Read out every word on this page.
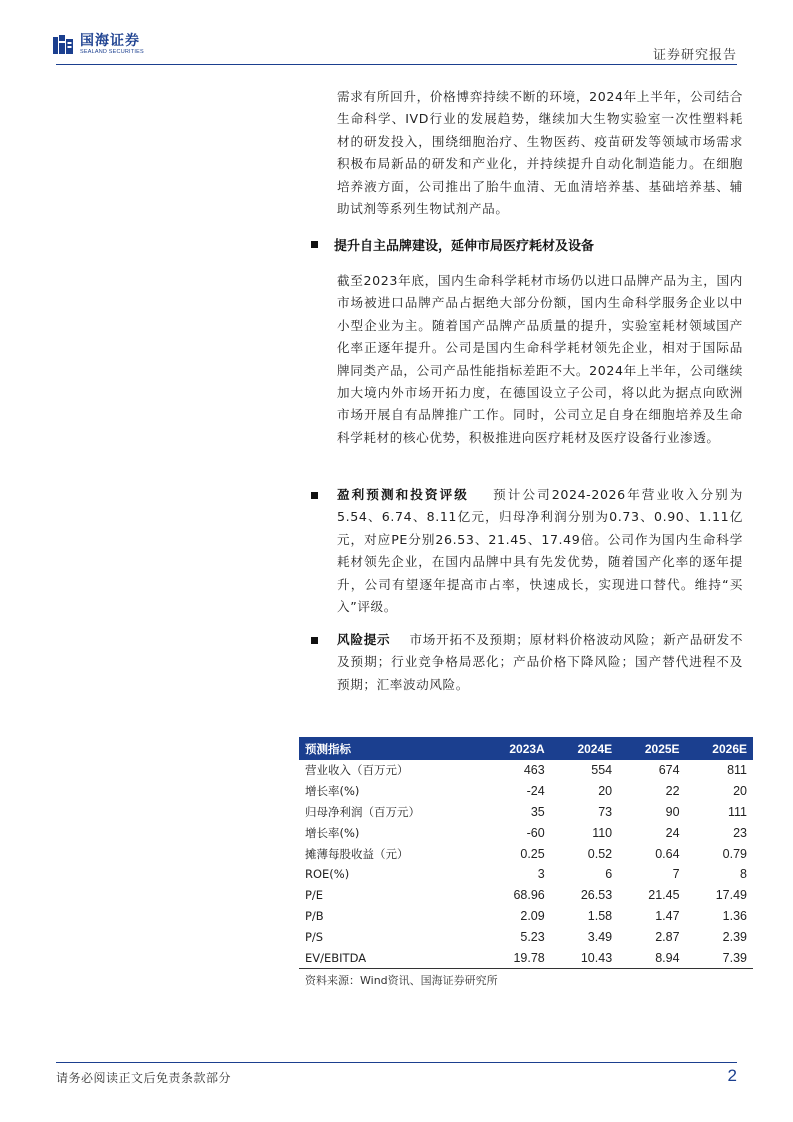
国海证券
SEALAND SECURITIES	证券研究报告
需求有所回升，价格博弈持续不断的环境，2024年上半年，公司结合生命科学、IVD行业的发展趋势，继续加大生物实验室一次性塑料耗材的研发投入，围绕细胞治疗、生物医药、疫苗研发等领域市场需求积极布局新品的研发和产业化，并持续提升自动化制造能力。在细胞培养液方面，公司推出了胎牛血清、无血清培养基、基础培养基、辅助试剂等系列生物试剂产品。
提升自主品牌建设，延伸市局医疗耗材及设备
截至2023年底，国内生命科学耗材市场仍以进口品牌产品为主，国内市场被进口品牌产品占据绝大部分份额，国内生命科学服务企业以中小型企业为主。随着国产品牌产品质量的提升，实验室耗材领域国产化率正逐年提升。公司是国内生命科学耗材领先企业，相对于国际品牌同类产品，公司产品性能指标差距不大。2024年上半年，公司继续加大境内外市场开拓力度，在德国设立子公司，将以此为据点向欧洲市场开展自有品牌推广工作。同时，公司立足自身在细胞培养及生命科学耗材的核心优势，积极推进向医疗耗材及医疗设备行业渗透。
盈利预测和投资评级 预计公司2024-2026年营业收入分别为5.54、6.74、8.11亿元，归母净利润分别为0.73、0.90、1.11亿元，对应PE分别26.53、21.45、17.49倍。公司作为国内生命科学耗材领先企业，在国内品牌中具有先发优势，随着国产化率的逐年提升，公司有望逐年提高市占率，快速成长，实现进口替代。维持“买入”评级。
风险提示 市场开拓不及预期；原材料价格波动风险；新产品研发不及预期；行业竞争格局恶化；产品价格下降风险；国产替代进程不及预期；汇率波动风险。
预测指标	2023A	2024E	2025E	2026E
营业收入（百万元）	463	554	674	811
增长率(%)	-24	20	22	20
归母净利润（百万元）	35	73	90	111
增长率(%)	-60	110	24	23
摊薄每股收益（元）	0.25	0.52	0.64	0.79
ROE(%)	3	6	7	8
P/E	68.96	26.53	21.45	17.49
P/B	2.09	1.58	1.47	1.36
P/S	5.23	3.49	2.87	2.39
EV/EBITDA	19.78	10.43	8.94	7.39
资料来源：Wind资讯、国海证券研究所
请务必阅读正文后免责条款部分	2
